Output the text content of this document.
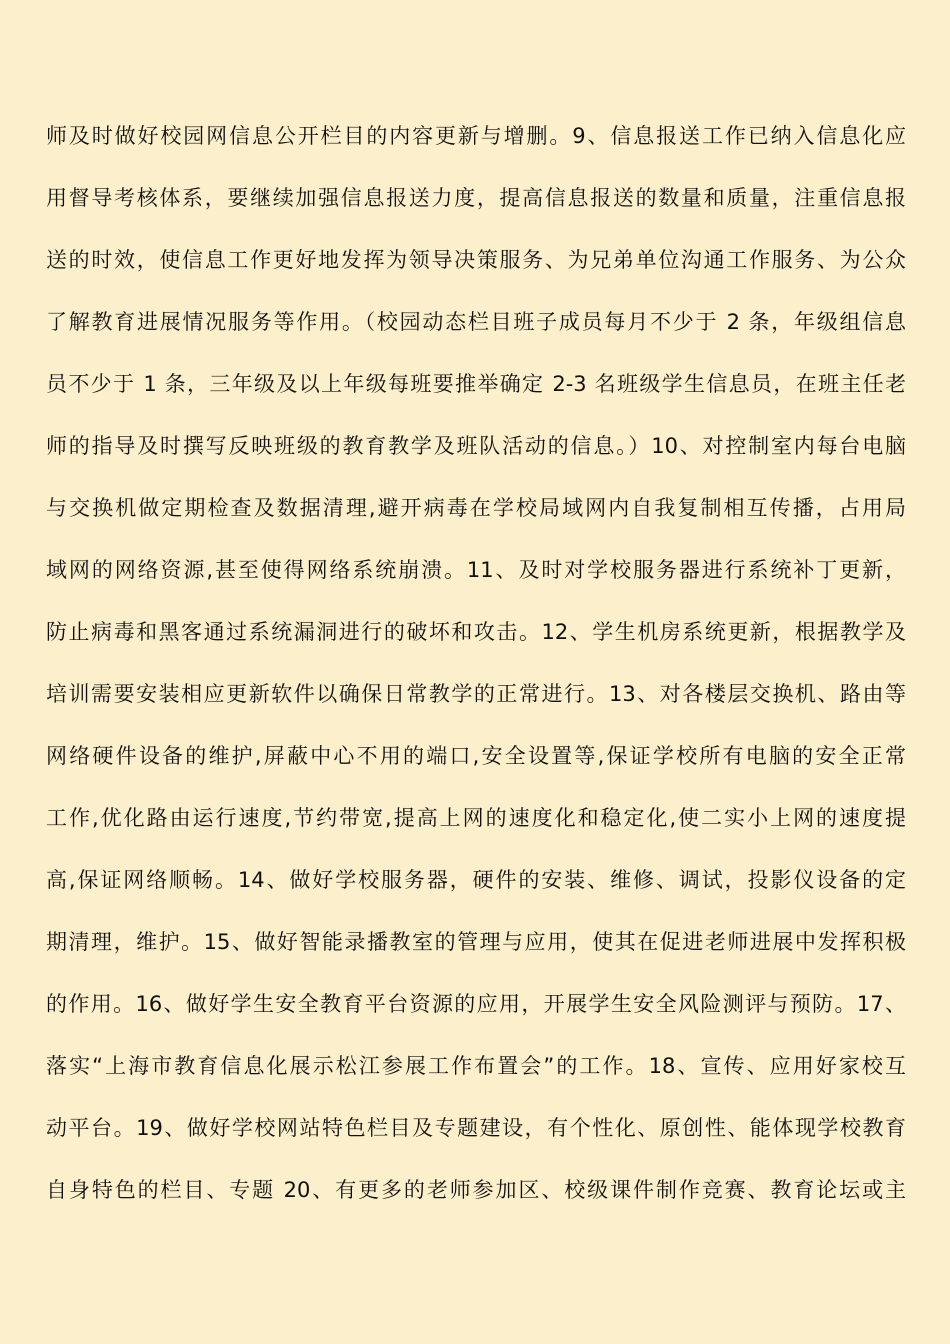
师及时做好校园网信息公开栏目的内容更新与增删。9、信息报送工作已纳入信息化应
用督导考核体系，要继续加强信息报送力度，提高信息报送的数量和质量，注重信息报
送的时效，使信息工作更好地发挥为领导决策服务、为兄弟单位沟通工作服务、为公众
了解教育进展情况服务等作用。（校园动态栏目班子成员每月不少于 2 条，年级组信息
员不少于 1 条，三年级及以上年级每班要推举确定 2-3 名班级学生信息员，在班主任老
师的指导及时撰写反映班级的教育教学及班队活动的信息。）10、对控制室内每台电脑
与交换机做定期检查及数据清理,避开病毒在学校局域网内自我复制相互传播，占用局
域网的网络资源,甚至使得网络系统崩溃。11、及时对学校服务器进行系统补丁更新，
防止病毒和黑客通过系统漏洞进行的破坏和攻击。12、学生机房系统更新，根据教学及
培训需要安装相应更新软件以确保日常教学的正常进行。13、对各楼层交换机、路由等
网络硬件设备的维护,屏蔽中心不用的端口,安全设置等,保证学校所有电脑的安全正常
工作,优化路由运行速度,节约带宽,提高上网的速度化和稳定化,使二实小上网的速度提
高,保证网络顺畅。14、做好学校服务器，硬件的安装、维修、调试，投影仪设备的定
期清理，维护。15、做好智能录播教室的管理与应用，使其在促进老师进展中发挥积极
的作用。16、做好学生安全教育平台资源的应用，开展学生安全风险测评与预防。17、
落实“上海市教育信息化展示松江参展工作布置会”的工作。18、宣传、应用好家校互
动平台。19、做好学校网站特色栏目及专题建设，有个性化、原创性、能体现学校教育
自身特色的栏目、专题 20、有更多的老师参加区、校级课件制作竞赛、教育论坛或主
